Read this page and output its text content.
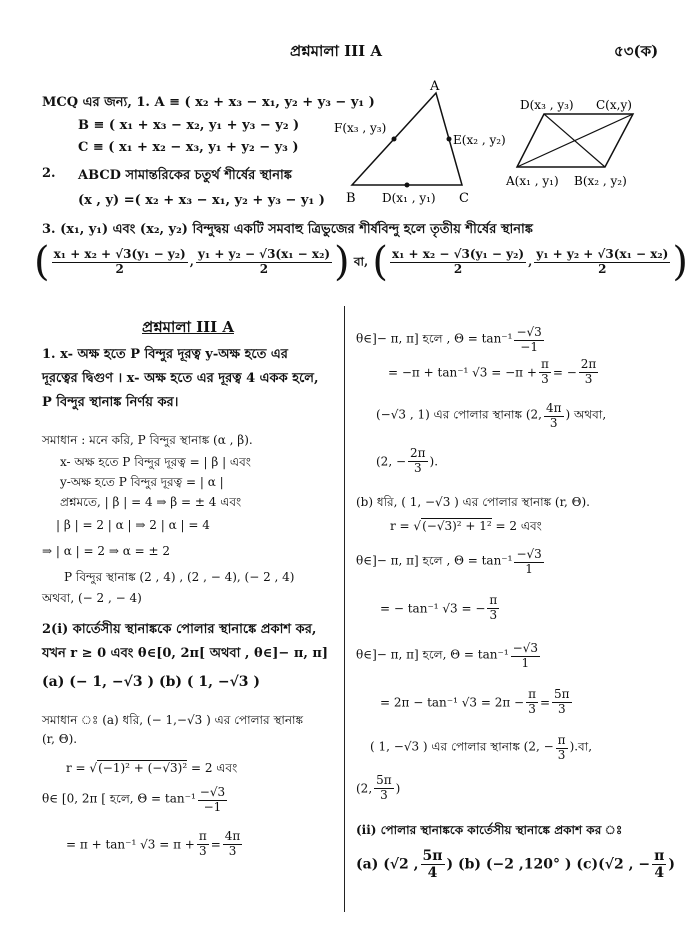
প্রশ্নমালা III A	৫৩(ক)
MCQ এর জন্য, 1. A ≡ ( x₂ + x₃ − x₁, y₂ + y₃ − y₁ )
B ≡ ( x₁ + x₃ − x₂, y₁ + y₃ − y₂ )
C ≡ ( x₁ + x₂ − x₃, y₁ + y₂ − y₃ )
2. ABCD সামান্তরিকের চতুর্থ শীর্ষের স্থানাঙ্ক
(x , y) =( x₂ + x₃ − x₁, y₂ + y₃ − y₁ )
3. (x₁, y₁) এবং (x₂, y₂) বিন্দুদ্বয় একটি সমবাহু ত্রিভুজের শীর্ষবিন্দু হলে তৃতীয় শীর্ষের স্থানাঙ্ক
( $\frac{\text{x₁ + x₂ + √3(y₁ − y₂)}}{2}$ , $\frac{\text{y₁ + y₂ − √3(x₁ − x₂)}}{2}$ ) বা, ( $\frac{\text{x₁ + x₂ − √3(y₁ − y₂)}}{2}$ , $\frac{\text{y₁ + y₂ + √3(x₁ − x₂)}}{2}$ )
A
B	C
F(x₃ , y₃)
E(x₂ , y₂)
D(x₁ , y₁)
D(x₃ , y₃) C(x,y)
A(x₁ , y₁) B(x₂ , y₂)
প্রশ্নমালা III A
1. x- অক্ষ হতে P বিন্দুর দূরত্ব y-অক্ষ হতে এর
দূরত্বের দ্বিগুণ । x- অক্ষ হতে এর দূরত্ব 4 একক হলে,
P বিন্দুর স্থানাঙ্ক নির্ণয় কর।
সমাধান : মনে করি, P বিন্দুর স্থানাঙ্ক (α , β).
x- অক্ষ হতে P বিন্দুর দূরত্ব = | β | এবং
y-অক্ষ হতে P বিন্দুর দূরত্ব = | α |
প্রশ্নমতে, | β | = 4 ⇒ β = ± 4 এবং
| β | = 2 | α | ⇒ 2 | α | = 4
⇒ | α | = 2 ⇒ α = ± 2
P বিন্দুর স্থানাঙ্ক (2 , 4) , (2 , − 4), (− 2 , 4)
অথবা, (− 2 , − 4)
2(i) কার্তেসীয় স্থানাঙ্ককে পোলার স্থানাঙ্কে প্রকাশ কর,
যখন r ≥ 0 এবং θ∈[0, 2π[ অথবা , θ∈]− π, π]
(a) (− 1, −√3 ) (b) ( 1, −√3 )
সমাধান ঃ (a) ধরি, (− 1,−√3 ) এর পোলার স্থানাঙ্ক
(r, Θ).
r = √(−1)² + (−√3)² = 2 এবং
θ∈ [0, 2π [ হলে, $\Theta = \tan^{-1} \frac{-√3}{-1}$
= π + tan⁻¹ $√3 = \pi + \frac{\pi}{3} = \frac{4\pi}{3}$
θ∈]− π, π] হলে , $\Theta = \tan^{-1} \frac{-√3}{-1}$
= −π + tan⁻¹ $√3 = -\pi + \frac{\pi}{3}$ = − $\frac{2\pi}{3}$
(−√3 , 1) এর পোলার স্থানাঙ্ক (2, $\frac{4\pi}{3}$ ) অথবা,
(2, − $\frac{2\pi}{3}$ ).
(b) ধরি, ( 1, −√3 ) এর পোলার স্থানাঙ্ক (r, Θ).
r = √(−√3)² + 1² = 2 এবং
θ∈]− π, π] হলে , $\Theta = \tan^{-1} \frac{-√3}{1}$
= − tan⁻¹ √3 = − $\frac{\pi}{3}$
θ∈]− π, π] হলে, $\Theta = \tan^{-1} \frac{-√3}{1}$
= 2π − tan⁻¹ $√3 = 2\pi - \frac{\pi}{3} = \frac{5\pi}{3}$
( 1, −√3 ) এর পোলার স্থানাঙ্ক (2, − $\frac{\pi}{3}$ ).বা,
(2, $\frac{5\pi}{3}$ )
(ii) পোলার স্থানাঙ্ককে কার্তেসীয় স্থানাঙ্কে প্রকাশ কর ঃ
(a) (√2 , $\frac{5\pi}{4}$ ) (b) (−2 ,120° ) (c)(√2 , − $\frac{\pi}{4}$ )
